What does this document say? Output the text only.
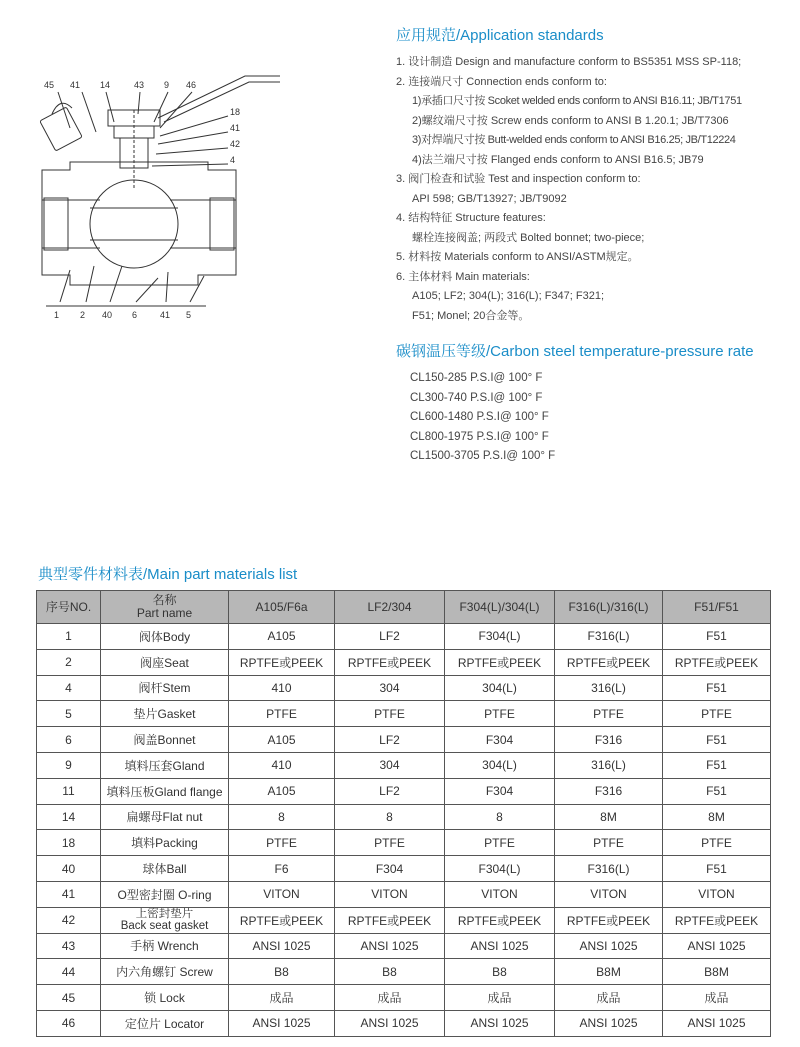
45 41 14	43 9 46
18
41
42
4
1 2 40 6	41 5
应用规范/Application standards
1. 设计制造 Design and manufacture conform to BS5351 MSS SP-118;
2. 连接端尺寸 Connection ends conform to:
1)承插口尺寸按 Scoket welded ends conform to ANSI B16.11; JB/T1751
2)螺纹端尺寸按 Screw ends conform to ANSI B 1.20.1; JB/T7306
3)对焊端尺寸按 Butt-welded ends conform to ANSI B16.25; JB/T12224
4)法兰端尺寸按 Flanged ends conform to ANSI B16.5; JB79
3. 阀门检查和试验 Test and inspection conform to:
API 598; GB/T13927; JB/T9092
4. 结构特征 Structure features:
螺栓连接阀盖; 两段式 Bolted bonnet; two-piece;
5. 材料按 Materials conform to ANSI/ASTM规定。
6. 主体材料 Main materials:
A105; LF2; 304(L); 316(L); F347; F321;
F51; Monel; 20合金等。
碳钢温压等级/Carbon steel temperature-pressure rate
CL150-285 P.S.I@ 100° F
CL300-740 P.S.I@ 100° F
CL600-1480 P.S.I@ 100° F
CL800-1975 P.S.I@ 100° F
CL1500-3705 P.S.I@ 100° F
典型零件材料表/Main part materials list
序号NO.	名称
Part name	A105/F6a	LF2/304	F304(L)/304(L)	F316(L)/316(L)	F51/F51
1	阀体Body	A105	LF2	F304(L)	F316(L)	F51
2	阀座Seat	RPTFE或PEEK	RPTFE或PEEK	RPTFE或PEEK	RPTFE或PEEK	RPTFE或PEEK
4	阀杆Stem	410	304	304(L)	316(L)	F51
5	垫片Gasket	PTFE	PTFE	PTFE	PTFE	PTFE
6	阀盖Bonnet	A105	LF2	F304	F316	F51
9	填料压套Gland	410	304	304(L)	316(L)	F51
11	填料压板Gland flange	A105	LF2	F304	F316	F51
14	扁螺母Flat nut	8	8	8	8M	8M
18	填料Packing	PTFE	PTFE	PTFE	PTFE	PTFE
40	球体Ball	F6	F304	F304(L)	F316(L)	F51
41	O型密封圈 O-ring	VITON	VITON	VITON	VITON	VITON
42	上密封垫片
Back seat gasket	RPTFE或PEEK	RPTFE或PEEK	RPTFE或PEEK	RPTFE或PEEK	RPTFE或PEEK
43	手柄 Wrench	ANSI 1025	ANSI 1025	ANSI 1025	ANSI 1025	ANSI 1025
44	内六角螺钉 Screw	B8	B8	B8	B8M	B8M
45	锁 Lock	成品	成品	成品	成品	成品
46	定位片 Locator	ANSI 1025	ANSI 1025	ANSI 1025	ANSI 1025	ANSI 1025
